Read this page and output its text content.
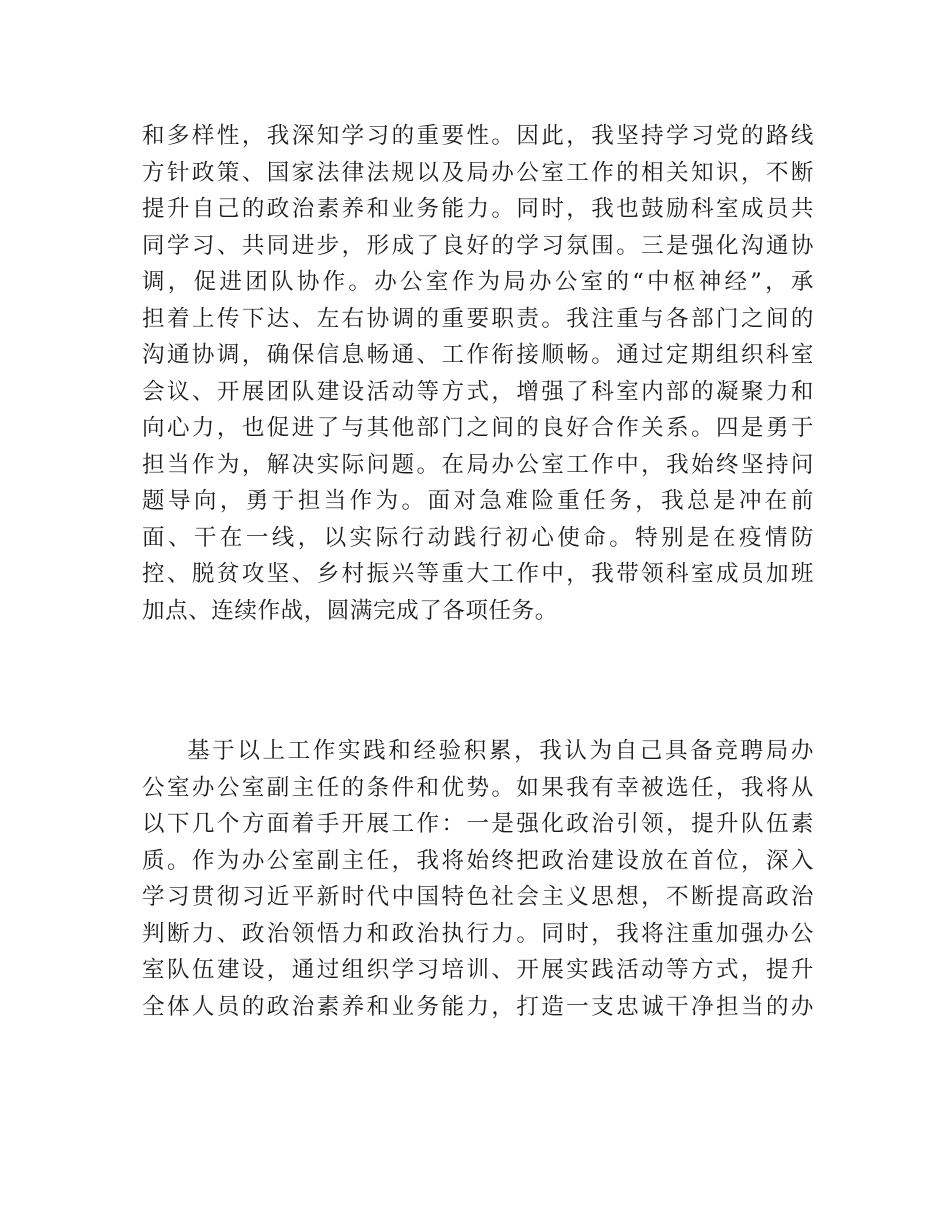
和多样性，我深知学习的重要性。因此，我坚持学习党的路线
方针政策、国家法律法规以及局办公室工作的相关知识，不断
提升自己的政治素养和业务能力。同时，我也鼓励科室成员共
同学习、共同进步，形成了良好的学习氛围。三是强化沟通协
调，促进团队协作。办公室作为局办公室的“中枢神经”，承
担着上传下达、左右协调的重要职责。我注重与各部门之间的
沟通协调，确保信息畅通、工作衔接顺畅。通过定期组织科室
会议、开展团队建设活动等方式，增强了科室内部的凝聚力和
向心力，也促进了与其他部门之间的良好合作关系。四是勇于
担当作为，解决实际问题。在局办公室工作中，我始终坚持问
题导向，勇于担当作为。面对急难险重任务，我总是冲在前
面、干在一线，以实际行动践行初心使命。特别是在疫情防
控、脱贫攻坚、乡村振兴等重大工作中，我带领科室成员加班
加点、连续作战，圆满完成了各项任务。
基于以上工作实践和经验积累，我认为自己具备竞聘局办
公室办公室副主任的条件和优势。如果我有幸被选任，我将从
以下几个方面着手开展工作：一是强化政治引领，提升队伍素
质。作为办公室副主任，我将始终把政治建设放在首位，深入
学习贯彻习近平新时代中国特色社会主义思想，不断提高政治
判断力、政治领悟力和政治执行力。同时，我将注重加强办公
室队伍建设，通过组织学习培训、开展实践活动等方式，提升
全体人员的政治素养和业务能力，打造一支忠诚干净担当的办
